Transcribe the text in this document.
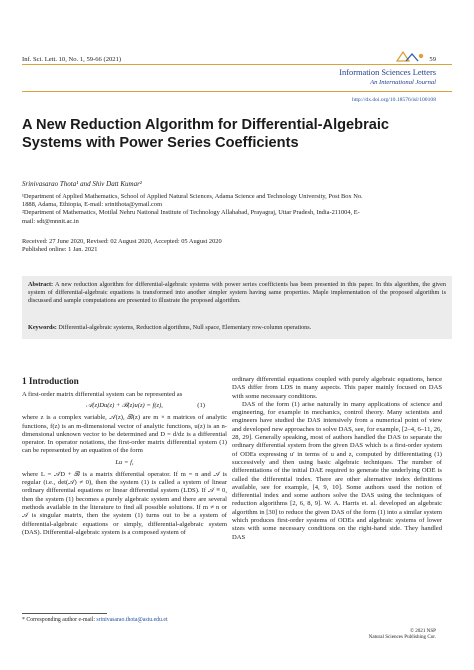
Inf. Sci. Lett. 10, No. 1, 59-66 (2021)	59
Information Sciences Letters
An International Journal
http://dx.doi.org/10.18576/isl/100108
A New Reduction Algorithm for Differential-Algebraic
Systems with Power Series Coefficients
Srinivasarao Thota¹ and Shiv Datt Kumar²
¹Department of Applied Mathematics, School of Applied Natural Sciences, Adama Science and Technology University, Post Box No.
1888, Adama, Ethiopia, E-mail: srinithota@ymail.com
²Department of Mathematics, Motilal Nehru National Institute of Technology Allahabad, Prayagraj, Uttar Pradesh, India-211004, E-
mail: sdt@mnnit.ac.in
Received: 27 June 2020, Revised: 02 August 2020, Accepted: 05 August 2020
Published online: 1 Jan. 2021
Abstract: A new reduction algorithm for differential-algebraic systems with power series coefficients has been presented in this paper. In this algorithm, the given system of differential-algebraic equations is transformed into another simpler system having same properties. Maple implementation of the proposed algorithm is discussed and sample computations are presented to illustrate the proposed algorithm.
Keywords: Differential-algebraic systems, Reduction algorithms, Null space, Elementary row-column operations.
1 Introduction

A first-order matrix differential system can be represented as

𝒜(z)Du(z) + ℬ(z)u(z) = f(z),	(1)

where z is a complex variable, 𝒜(z), ℬ(z) are m × n matrices of analytic functions, f(z) is an m-dimensional vector of analytic functions, u(z) is an n-dimensional unknown vector to be determined and D = d/dz is a differential operator. In operator notations, the first-order matrix differential system (1) can be represented by an equation of the form

Lu = f,

where L = 𝒜D + ℬ is a matrix differential operator. If m = n and 𝒜 is regular (i.e., det(𝒜) ≠ 0), then the system (1) is called a system of linear ordinary differential equations or linear differential system (LDS). If 𝒜 ≡ 0, then the system (1) becomes a purely algebraic system and there are several methods available in the literature to find all possible solutions. If m ≠ n or 𝒜 is singular matrix, then the system (1) turns out to be a system of differential-algebraic equations or simply, differential-algebraic system (DAS). Differential-algebraic system is a composed system of

ordinary differential equations coupled with purely algebraic equations, hence DAS differ from LDS in many aspects. This paper mainly focused on DAS with some necessary conditions.

DAS of the form (1) arise naturally in many applications of science and engineering, for example in mechanics, control theory. Many scientists and engineers have studied the DAS intensively from a numerical point of view and developed new approaches to solve DAS, see, for example, [2–4, 6–11, 26, 28, 29]. Generally speaking, most of authors handled the DAS to separate the ordinary differential system from the given DAS which is a first-order system of ODEs expressing u′ in terms of u and z, computed by differentiating (1) successively and then using basic algebraic techniques. The number of differentiations of the initial DAE required to generate the underlying ODE is called the differential index. There are other alternative index definitions available, see for example, [4, 9, 10]. Some authors used the notion of differential index and some authors solve the DAS using the techniques of reduction algorithms [2, 6, 8, 9]. W. A. Harris et. al. developed an algebraic algorithm in [30] to reduce the given DAS of the form (1) into a similar system which produces first-order systems of ODEs and algebraic systems of lower sizes with some necessary conditions on the right-hand side. They handled DAS

* Corresponding author e-mail: srinivasarao.thota@astu.edu.et
© 2021 NSP
Natural Sciences Publishing Cor.
